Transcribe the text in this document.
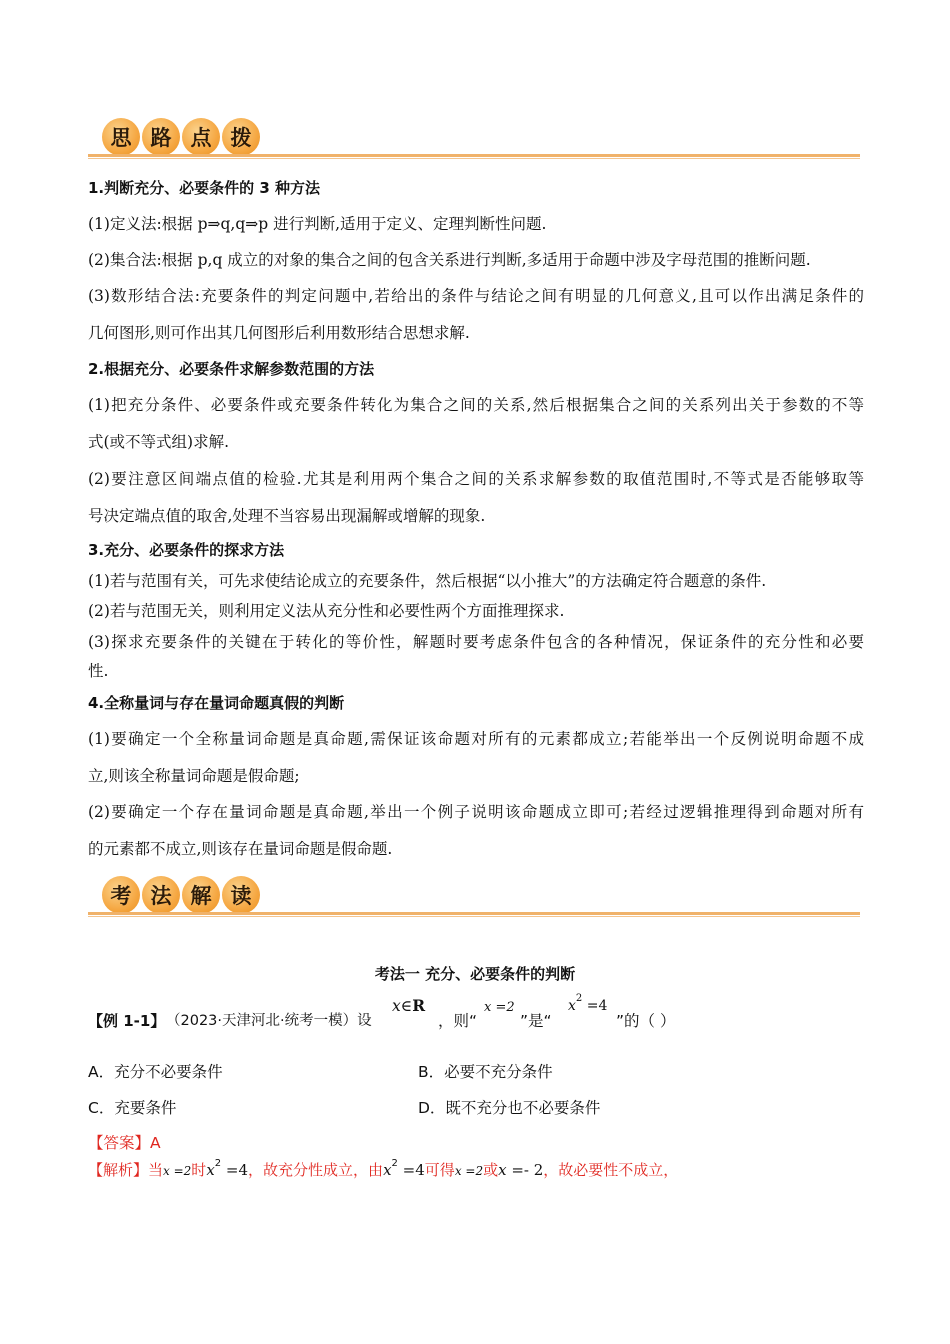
思 路 点 拨
1.判断充分、必要条件的 3 种方法
(1)定义法:根据 p⇒q,q⇒p 进行判断,适用于定义、定理判断性问题.
(2)集合法:根据 p,q 成立的对象的集合之间的包含关系进行判断,多适用于命题中涉及字母范围的推断问题.
(3)数形结合法:充要条件的判定问题中,若给出的条件与结论之间有明显的几何意义,且可以作出满足条件的
几何图形,则可作出其几何图形后利用数形结合思想求解.
2.根据充分、必要条件求解参数范围的方法
(1)把充分条件、必要条件或充要条件转化为集合之间的关系,然后根据集合之间的关系列出关于参数的不等
式(或不等式组)求解.
(2)要注意区间端点值的检验.尤其是利用两个集合之间的关系求解参数的取值范围时,不等式是否能够取等
号决定端点值的取舍,处理不当容易出现漏解或增解的现象.
3.充分、必要条件的探求方法
(1)若与范围有关，可先求使结论成立的充要条件，然后根据“以小推大”的方法确定符合题意的条件.
(2)若与范围无关，则利用定义法从充分性和必要性两个方面推理探求.
(3)探求充要条件的关键在于转化的等价性，解题时要考虑条件包含的各种情况，保证条件的充分性和必要
性.
4.全称量词与存在量词命题真假的判断
(1)要确定一个全称量词命题是真命题,需保证该命题对所有的元素都成立;若能举出一个反例说明命题不成
立,则该全称量词命题是假命题;
(2)要确定一个存在量词命题是真命题,举出一个例子说明该命题成立即可;若经过逻辑推理得到命题对所有
的元素都不成立,则该存在量词命题是假命题.
考 法 解 读
考法一 充分、必要条件的判断
【例 1-1】 （2023·天津河北·统考一模）设
x∈R
，则“
x =2
”是“
$x^2 =4$
”的（ ）
A．充分不必要条件	B．必要不充分条件
C．充要条件	D．既不充分也不必要条件
【答案】A
【解析】当x =2时$x^2 =4$，故充分性成立，由$x^2 =4$可得x =2或x =- 2，故必要性不成立，
